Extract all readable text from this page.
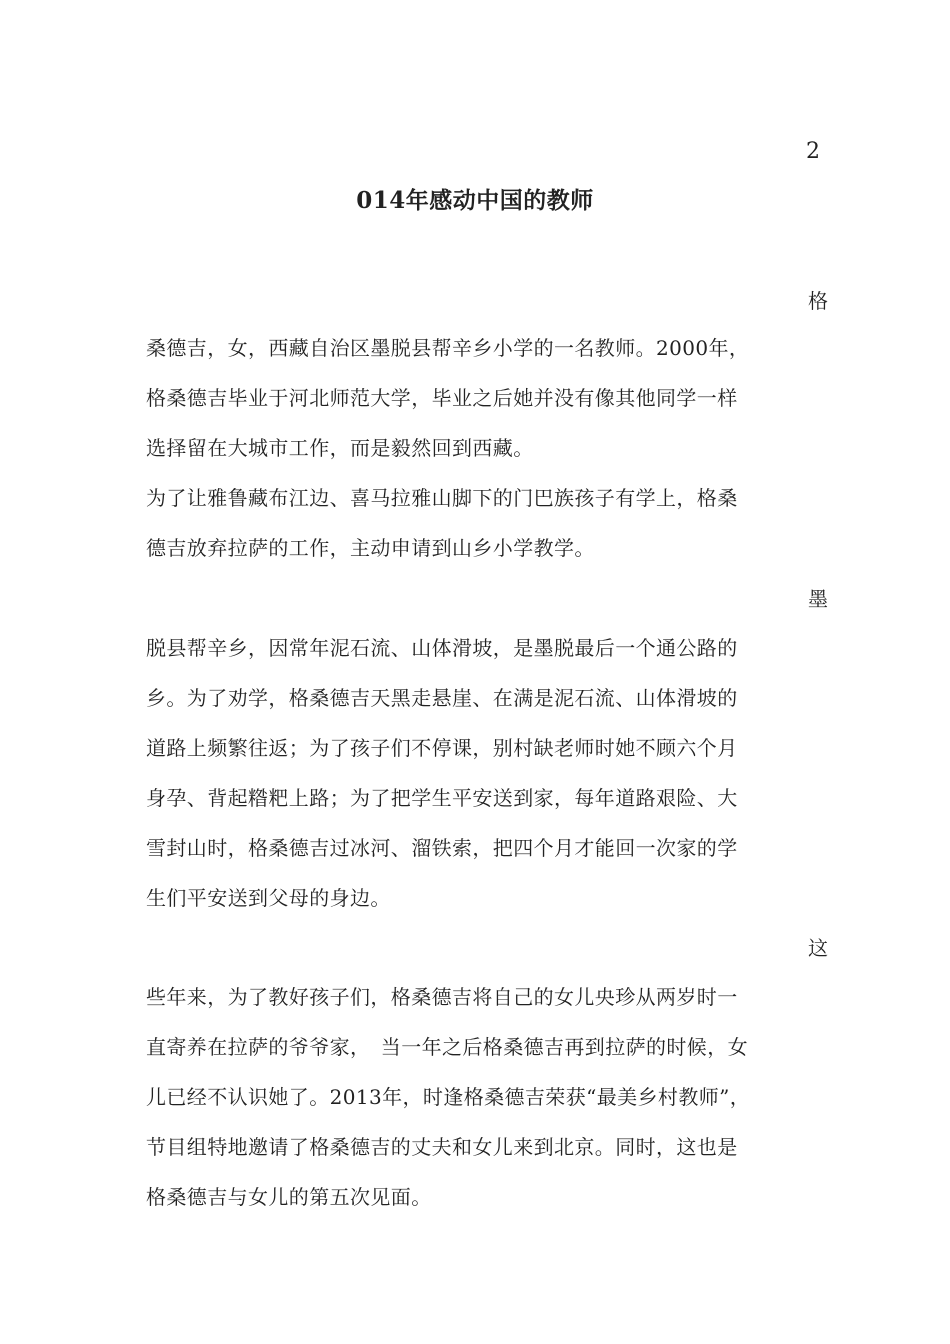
2
014年感动中国的教师
格
桑德吉，女，西藏自治区墨脱县帮辛乡小学的一名教师。2000年，
格桑德吉毕业于河北师范大学，毕业之后她并没有像其他同学一样
选择留在大城市工作，而是毅然回到西藏。
为了让雅鲁藏布江边、喜马拉雅山脚下的门巴族孩子有学上，格桑
德吉放弃拉萨的工作，主动申请到山乡小学教学。
墨
脱县帮辛乡，因常年泥石流、山体滑坡，是墨脱最后一个通公路的
乡。为了劝学，格桑德吉天黑走悬崖、在满是泥石流、山体滑坡的
道路上频繁往返；为了孩子们不停课，别村缺老师时她不顾六个月
身孕、背起糌粑上路；为了把学生平安送到家，每年道路艰险、大
雪封山时，格桑德吉过冰河、溜铁索，把四个月才能回一次家的学
生们平安送到父母的身边。
这
些年来，为了教好孩子们，格桑德吉将自己的女儿央珍从两岁时一
直寄养在拉萨的爷爷家，　当一年之后格桑德吉再到拉萨的时候，女
儿已经不认识她了。2013年，时逢格桑德吉荣获“最美乡村教师”，
节目组特地邀请了格桑德吉的丈夫和女儿来到北京。同时，这也是
格桑德吉与女儿的第五次见面。
